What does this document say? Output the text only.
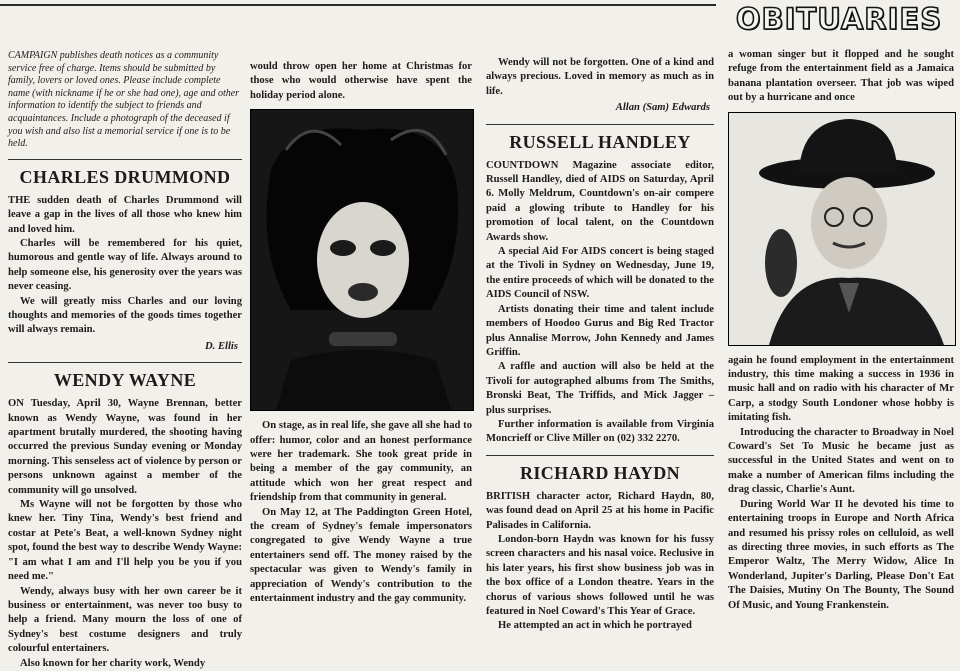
OBITUARIES

CAMPAIGN publishes death notices as a community service free of charge. Items should be submitted by family, lovers or loved ones. Please include complete name (with nickname if he or she had one), age and other information to identify the subject to friends and acquaintances. Include a photograph of the deceased if you wish and also list a memorial service if one is to be held.

CHARLES DRUMMOND

THE sudden death of Charles Drummond will leave a gap in the lives of all those who knew him and loved him.

Charles will be remembered for his quiet, humorous and gentle way of life. Always around to help someone else, his generosity over the years was never ceasing.

We will greatly miss Charles and our loving thoughts and memories of the goods times together will always remain.

D. Ellis
WENDY WAYNE

ON Tuesday, April 30, Wayne Brennan, better known as Wendy Wayne, was found in her apartment brutally murdered, the shooting having occurred the previous Sunday evening or Monday morning. This senseless act of violence by person or persons unknown against a member of the community will go unsolved.

Ms Wayne will not be forgotten by those who knew her. Tiny Tina, Wendy's best friend and costar at Pete's Beat, a well-known Sydney night spot, found the best way to describe Wendy Wayne: "I am what I am and I'll help you be you if you need me."

Wendy, always busy with her own career be it business or entertainment, was never too busy to help a friend. Many mourn the loss of one of Sydney's best costume designers and truly colourful entertainers.

Also known for her charity work, Wendy

would throw open her home at Christmas for those who would otherwise have spent the holiday period alone.

On stage, as in real life, she gave all she had to offer: humor, color and an honest performance were her trademark. She took great pride in being a member of the gay community, an attitude which won her great respect and friendship from that community in general.

On May 12, at The Paddington Green Hotel, the cream of Sydney's female impersonators congregated to give Wendy Wayne a true entertainers send off. The money raised by the spectacular was given to Wendy's family in appreciation of Wendy's contribution to the entertainment industry and the gay community.

Wendy will not be forgotten. One of a kind and always precious. Loved in memory as much as in life.

Allan (Sam) Edwards
RUSSELL HANDLEY

COUNTDOWN Magazine associate editor, Russell Handley, died of AIDS on Saturday, April 6. Molly Meldrum, Countdown's on-air compere paid a glowing tribute to Handley for his promotion of local talent, on the Countdown Awards show.

A special Aid For AIDS concert is being staged at the Tivoli in Sydney on Wednesday, June 19, the entire proceeds of which will be donated to the AIDS Council of NSW.

Artists donating their time and talent include members of Hoodoo Gurus and Big Red Tractor plus Annalise Morrow, John Kennedy and James Griffin.

A raffle and auction will also be held at the Tivoli for autographed albums from The Smiths, Bronski Beat, The Triffids, and Mick Jagger – plus surprises.

Further information is available from Virginia Moncrieff or Clive Miller on (02) 332 2270.

RICHARD HAYDN

BRITISH character actor, Richard Haydn, 80, was found dead on April 25 at his home in Pacific Palisades in California.

London-born Haydn was known for his fussy screen characters and his nasal voice. Reclusive in his later years, his first show business job was in the box office of a London theatre. Years in the chorus of various shows followed until he was featured in Noel Coward's This Year of Grace.

He attempted an act in which he portrayed

a woman singer but it flopped and he sought refuge from the entertainment field as a Jamaica banana plantation overseer. That job was wiped out by a hurricane and once

again he found employment in the entertainment industry, this time making a success in 1936 in music hall and on radio with his character of Mr Carp, a stodgy South Londoner whose hobby is imitating fish.

Introducing the character to Broadway in Noel Coward's Set To Music he became just as successful in the United States and went on to make a number of American films including the drag classic, Charlie's Aunt.

During World War II he devoted his time to entertaining troops in Europe and North Africa and resumed his prissy roles on celluloid, as well as directing three movies, in such efforts as The Emperor Waltz, The Merry Widow, Alice In Wonderland, Jupiter's Darling, Please Don't Eat The Daisies, Mutiny On The Bounty, The Sound Of Music, and Young Frankenstein.
